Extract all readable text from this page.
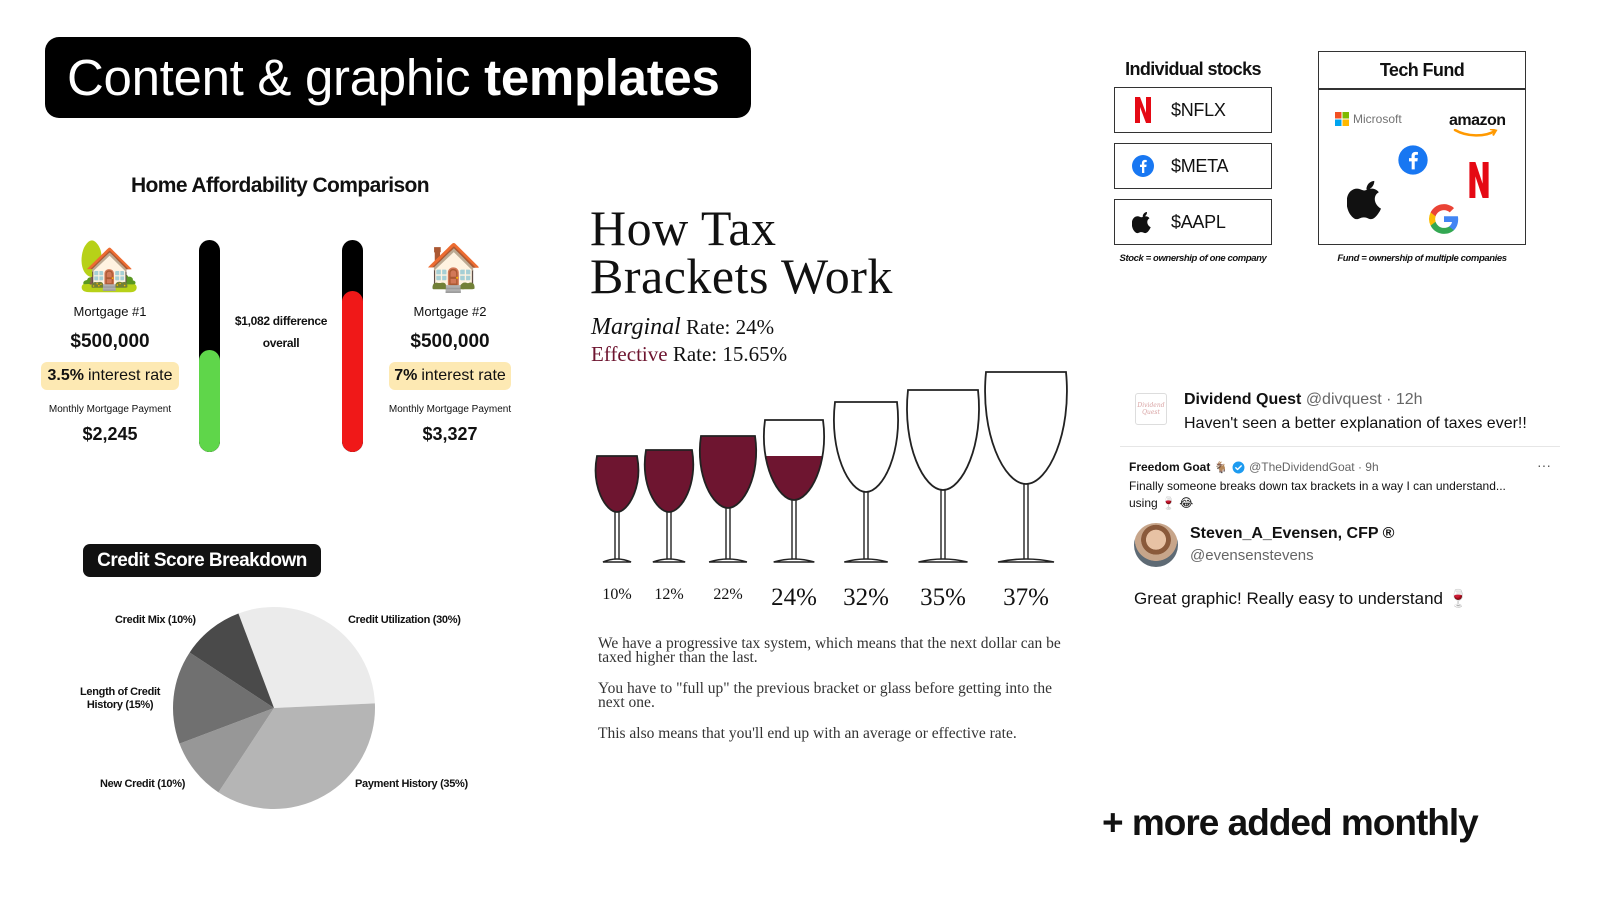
Content & graphic templates
Home Affordability Comparison
🏡
Mortgage #1
$500,000
3.5% interest rate
Monthly Mortgage Payment
$2,245
$1,082 difference
overall
🏠
Mortgage #2
$500,000
7% interest rate
Monthly Mortgage Payment
$3,327
Credit Score Breakdown
Credit Mix (10%)	Credit Utilization (30%)
Length of Credit
History (15%)
New Credit (10%)	Payment History (35%)
How Tax
Brackets Work
Marginal Rate: 24%
Effective Rate: 15.65%
10%	12%	22%	24%	32%	35%	37%
We have a progressive tax system, which means that the next dollar can be taxed higher than the last.
You have to "full up" the previous bracket or glass before getting into the next one.
This also means that you'll end up with an average or effective rate.
Individual stocks
$NFLX
$META
$AAPL
Stock = ownership of one company
Tech Fund
Microsoft	amazon
Fund = ownership of multiple companies
Dividend Quest
Dividend Quest @divquest · 12h
Haven't seen a better explanation of taxes ever!!
Freedom Goat 🐐 @TheDividendGoat · 9h	···
Finally someone breaks down tax brackets in a way I can understand...
using 🍷 😂
Steven_A_Evensen, CFP ®
@evensenstevens
Great graphic! Really easy to understand 🍷
+ more added monthly
